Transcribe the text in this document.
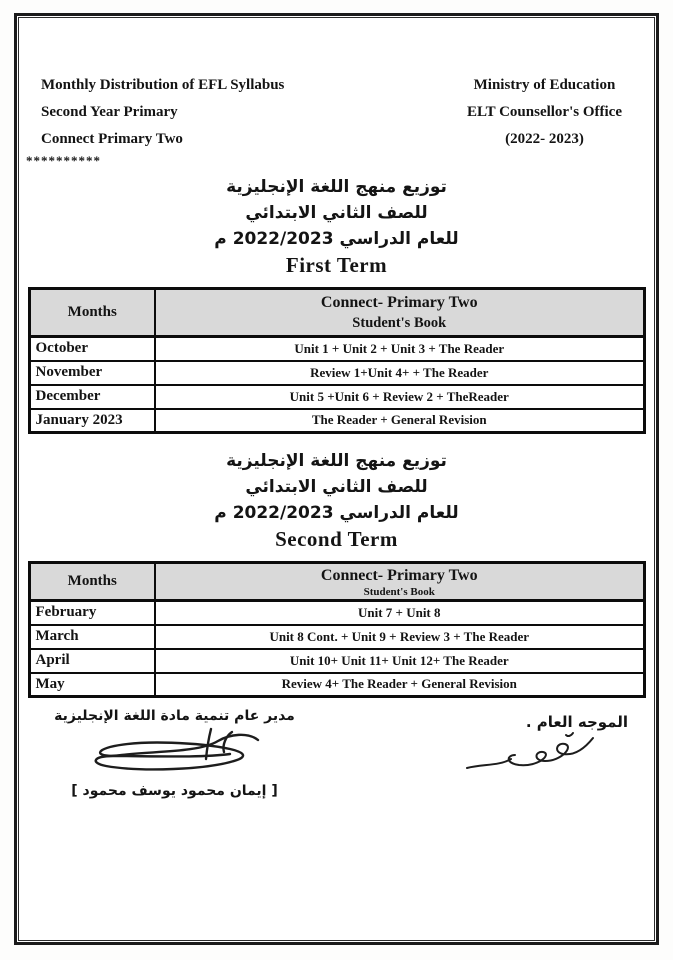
Monthly Distribution of EFL Syllabus
Second Year Primary
Connect Primary Two
Ministry of Education
ELT Counsellor's Office
(2022- 2023)
**********
توزيع منهج اللغة الإنجليزية
للصف الثاني الابتدائي
للعام الدراسي 2022/2023 م
First Term
Months	Connect- Primary Two
Student's Book

October	Unit 1 + Unit 2 + Unit 3 + The Reader
November	Review 1+Unit 4+ + The Reader
December	Unit 5 +Unit 6 + Review 2 + TheReader
January 2023	The Reader + General Revision
توزيع منهج اللغة الإنجليزية
للصف الثاني الابتدائي
للعام الدراسي 2022/2023 م
Second Term
Months	Connect- Primary Two
Student's Book

February	Unit 7 + Unit 8
March	Unit 8 Cont. + Unit 9 + Review 3 + The Reader
April	Unit 10+ Unit 11+ Unit 12+ The Reader
May	Review 4+ The Reader + General Revision
مدير عام تنمية مادة اللغة الإنجليزية
[ إيمان محمود يوسف محمود ]
الموجه العام .
